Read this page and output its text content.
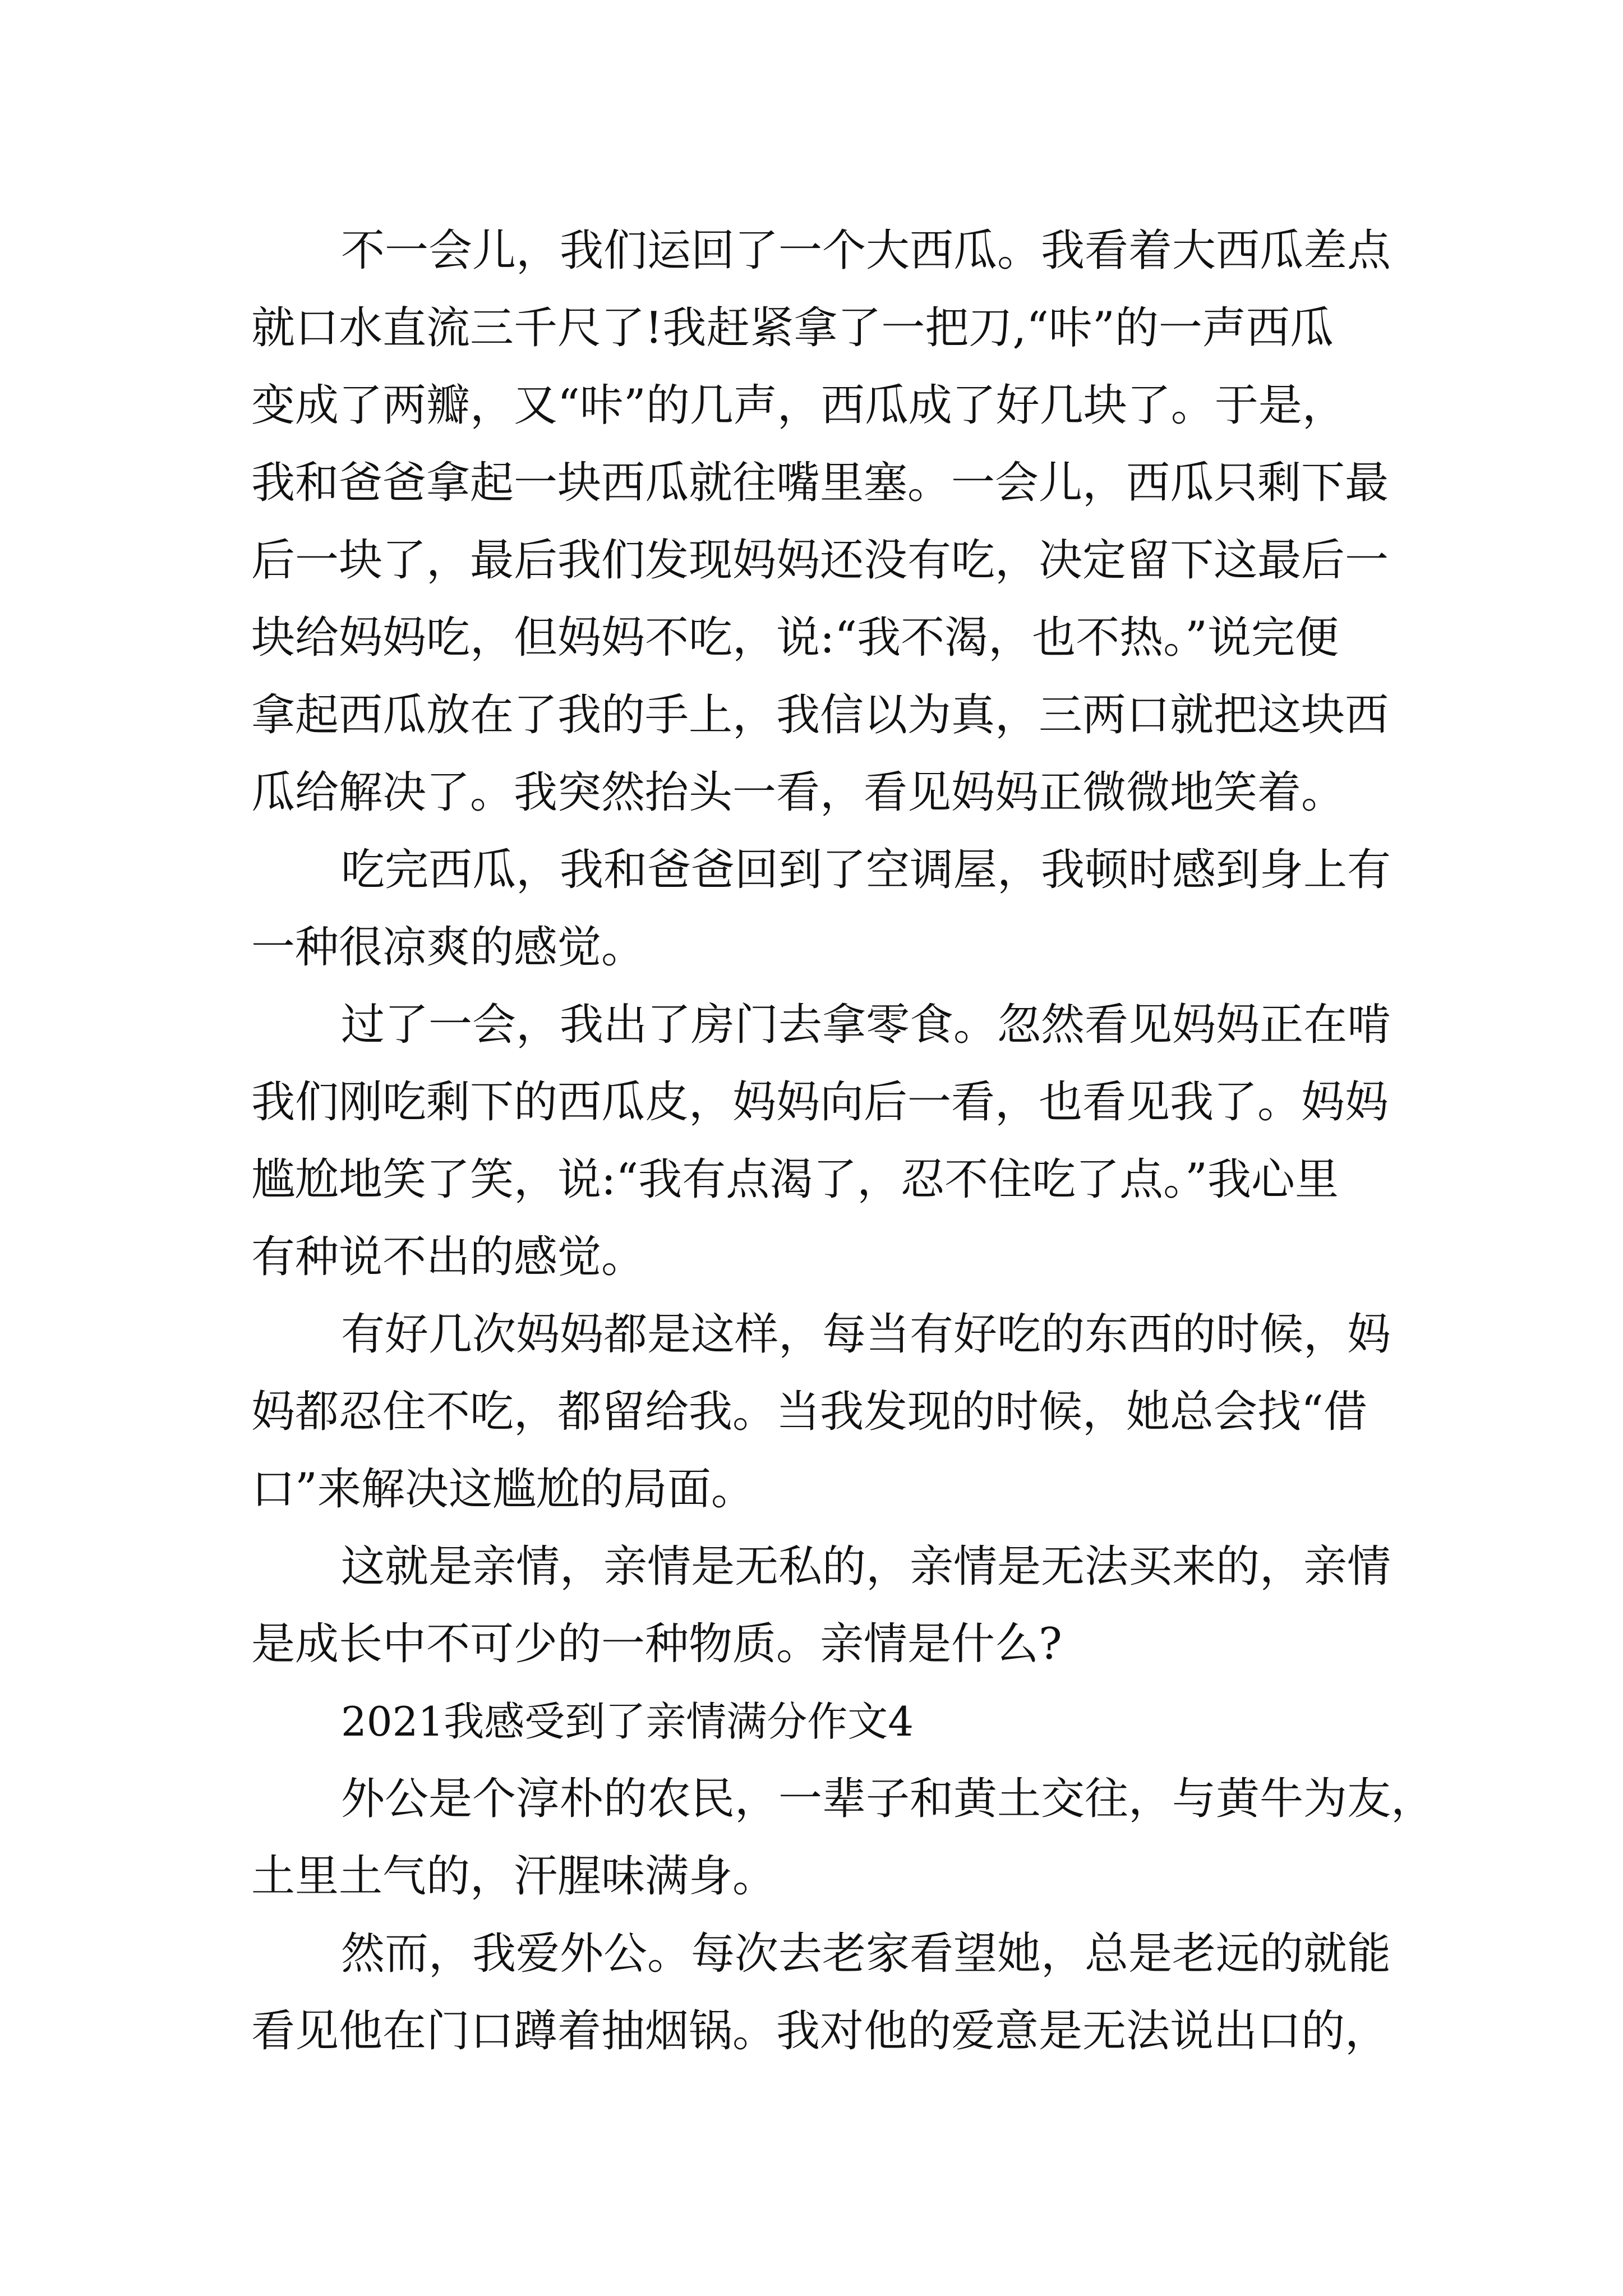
不一会儿，我们运回了一个大西瓜。我看着大西瓜差点
就口水直流三千尺了!我赶紧拿了一把刀,“咔”的一声西瓜
变成了两瓣，又“咔”的几声，西瓜成了好几块了。于是，
我和爸爸拿起一块西瓜就往嘴里塞。一会儿，西瓜只剩下最
后一块了，最后我们发现妈妈还没有吃，决定留下这最后一
块给妈妈吃，但妈妈不吃，说:“我不渴，也不热。”说完便
拿起西瓜放在了我的手上，我信以为真，三两口就把这块西
瓜给解决了。我突然抬头一看，看见妈妈正微微地笑着。
吃完西瓜，我和爸爸回到了空调屋，我顿时感到身上有
一种很凉爽的感觉。
过了一会，我出了房门去拿零食。忽然看见妈妈正在啃
我们刚吃剩下的西瓜皮，妈妈向后一看，也看见我了。妈妈
尴尬地笑了笑，说:“我有点渴了，忍不住吃了点。”我心里
有种说不出的感觉。
有好几次妈妈都是这样，每当有好吃的东西的时候，妈
妈都忍住不吃，都留给我。当我发现的时候，她总会找“借
口”来解决这尴尬的局面。
这就是亲情，亲情是无私的，亲情是无法买来的，亲情
是成长中不可少的一种物质。亲情是什么?
2021我感受到了亲情满分作文4
外公是个淳朴的农民，一辈子和黄土交往，与黄牛为友，
土里土气的，汗腥味满身。
然而，我爱外公。每次去老家看望她，总是老远的就能
看见他在门口蹲着抽烟锅。我对他的爱意是无法说出口的，
